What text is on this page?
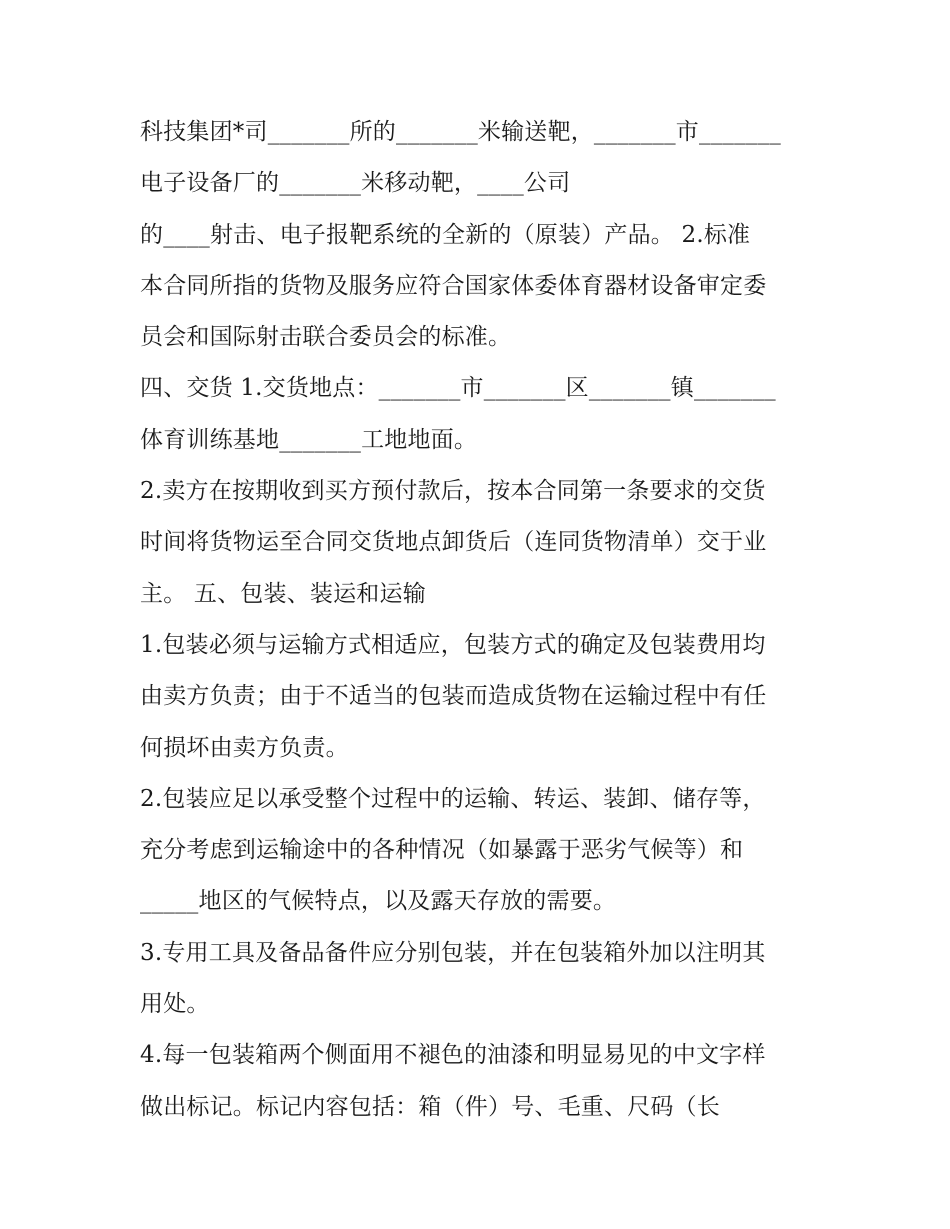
科技集团*司_______所的_______米输送靶，_______市_______
电子设备厂的_______米移动靶，____公司
的____射击、电子报靶系统的全新的（原装）产品。 2.标准
本合同所指的货物及服务应符合国家体委体育器材设备审定委
员会和国际射击联合委员会的标准。
四、交货 1.交货地点：_______市_______区_______镇_______
体育训练基地_______工地地面。
2.卖方在按期收到买方预付款后，按本合同第一条要求的交货
时间将货物运至合同交货地点卸货后（连同货物清单）交于业
主。 五、包装、装运和运输
1.包装必须与运输方式相适应，包装方式的确定及包装费用均
由卖方负责；由于不适当的包装而造成货物在运输过程中有任
何损坏由卖方负责。
2.包装应足以承受整个过程中的运输、转运、装卸、储存等，
充分考虑到运输途中的各种情况（如暴露于恶劣气候等）和
_____地区的气候特点，以及露天存放的需要。
3.专用工具及备品备件应分别包装，并在包装箱外加以注明其
用处。
4.每一包装箱两个侧面用不褪色的油漆和明显易见的中文字样
做出标记。标记内容包括：箱（件）号、毛重、尺码（长
